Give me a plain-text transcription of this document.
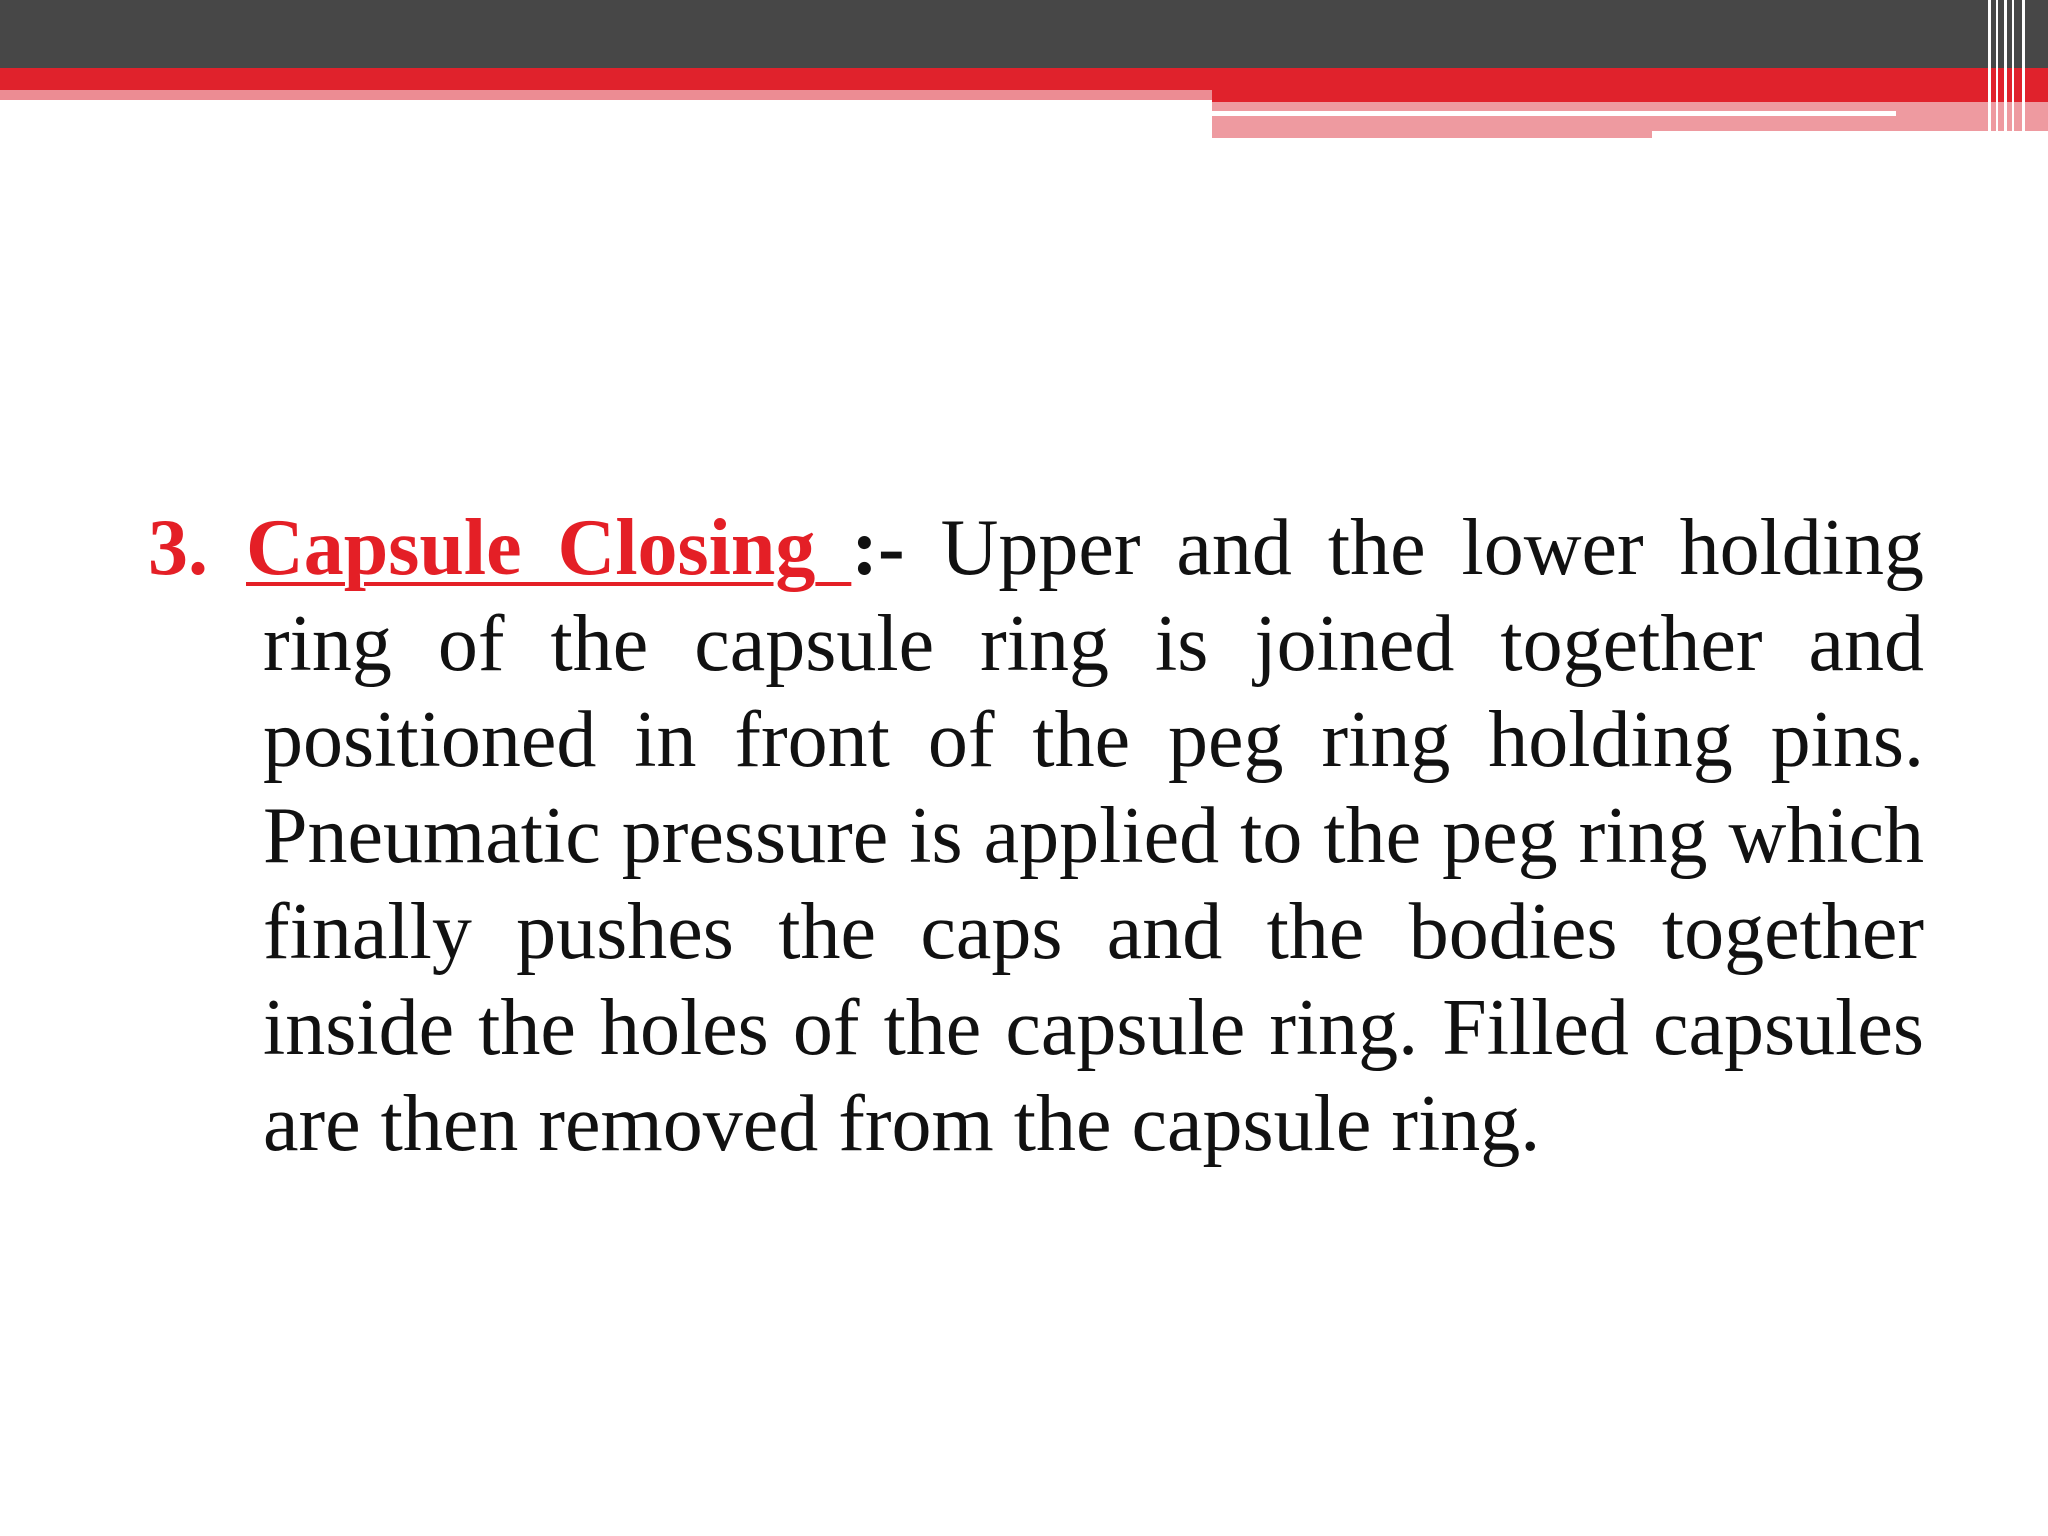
3. Capsule Closing :- Upper and the lower holding ring of the capsule ring is joined together and positioned in front of the peg ring holding pins. Pneumatic pressure is applied to the peg ring which finally pushes the caps and the bodies together inside the holes of the capsule ring. Filled capsules are then removed from the capsule ring.
